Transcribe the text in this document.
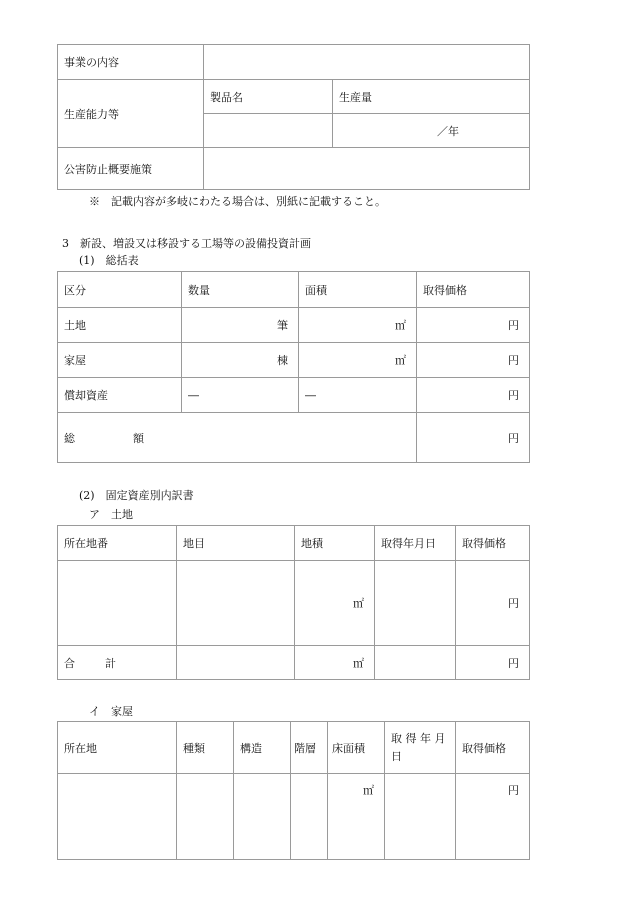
事業の内容		
生産能力等	製品名	生産量
		／年
公害防止概要施策		
※　記載内容が多岐にわたる場合は、別紙に記載すること。
3　新設、増設又は移設する工場等の設備投資計画
(1)　総括表
区分	数量	面積	取得価格
土地	筆	㎡	円
家屋	棟	㎡	円
償却資産	―	―	円
総 額			円
(2)　固定資産別内訳書
ア　土地
所在地番	地目	地積	取得年月日	取得価格
		㎡		円
合 計		㎡		円
イ　家屋
所在地	種類	構造	階層	床面積	取 得 年 月 日	取得価格
				㎡		円
